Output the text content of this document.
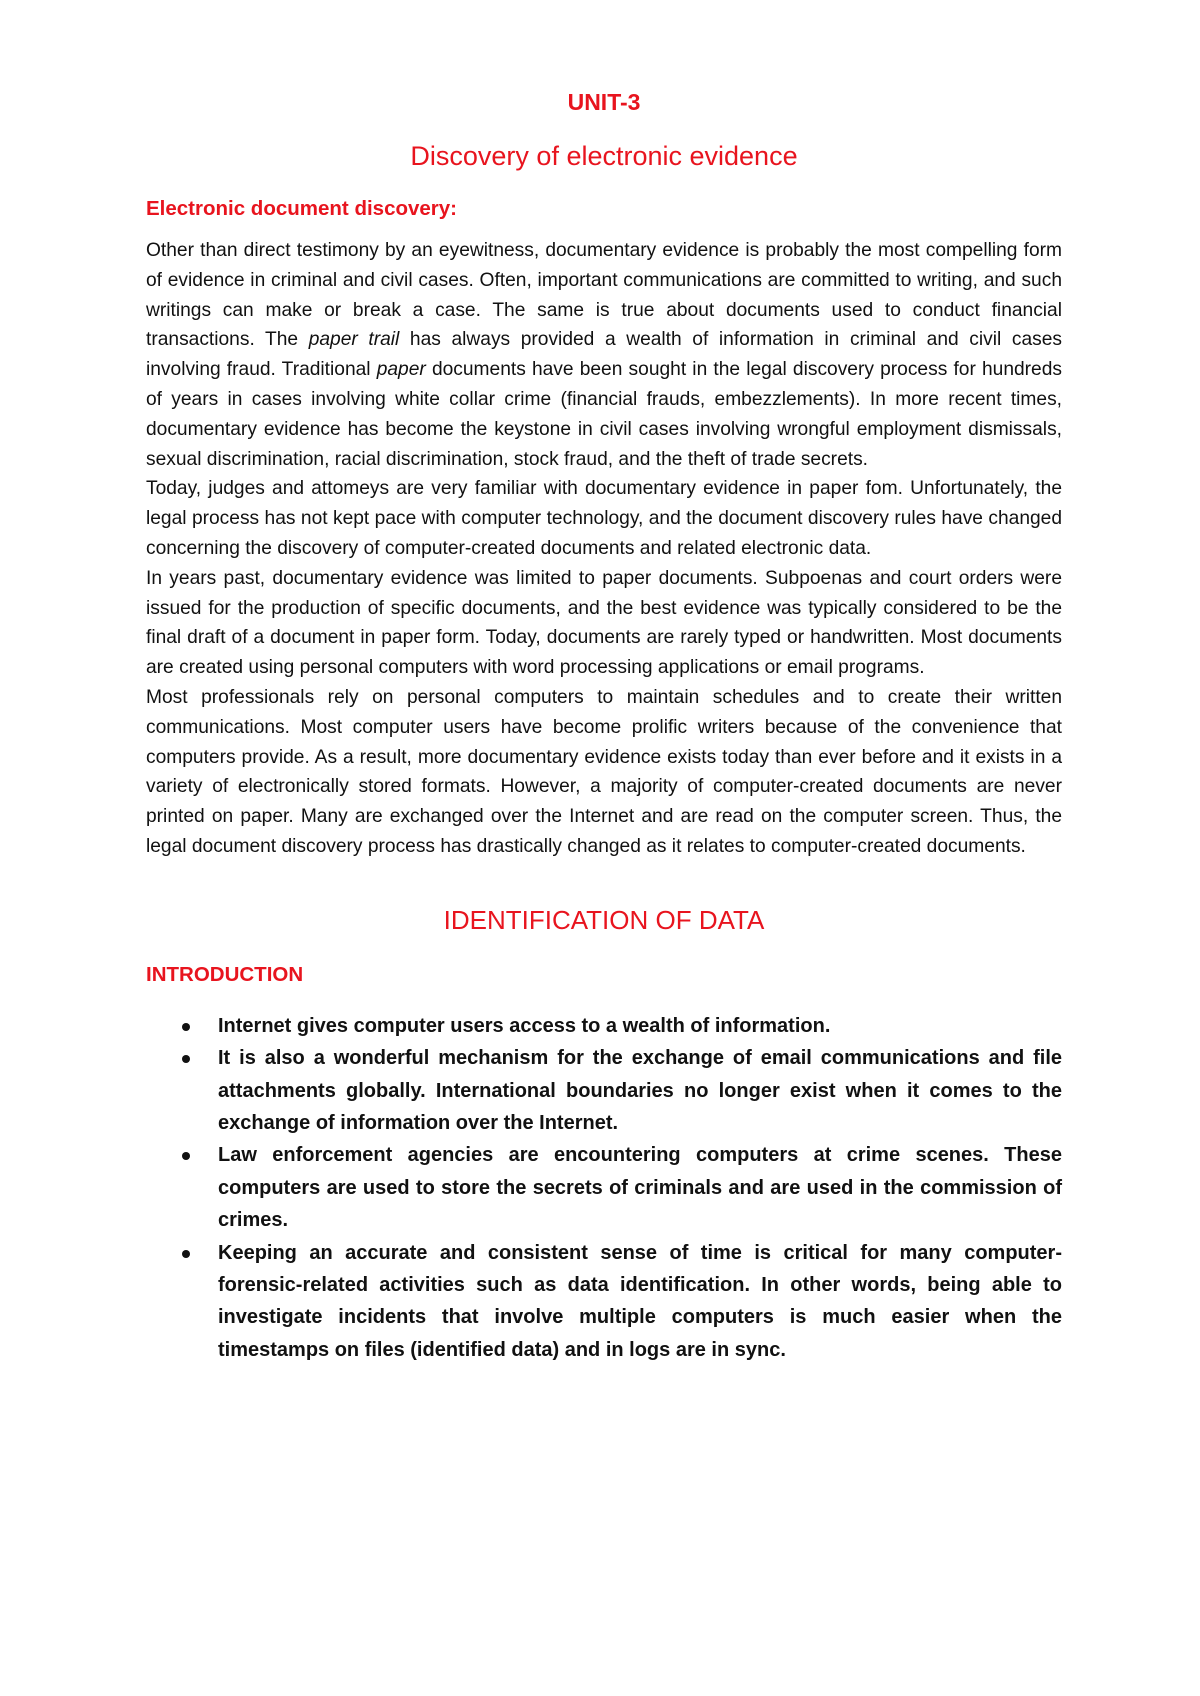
UNIT-3
Discovery of electronic evidence
Electronic document discovery:

Other than direct testimony by an eyewitness, documentary evidence is probably the most compelling form of evidence in criminal and civil cases. Often, important communications are committed to writing, and such writings can make or break a case. The same is true about documents used to conduct financial transactions. The paper trail has always provided a wealth of information in criminal and civil cases involving fraud. Traditional paper documents have been sought in the legal discovery process for hundreds of years in cases involving white collar crime (financial frauds, embezzlements). In more recent times, documentary evidence has become the keystone in civil cases involving wrongful employment dismissals, sexual discrimination, racial discrimination, stock fraud, and the theft of trade secrets.

Today, judges and attomeys are very familiar with documentary evidence in paper fom. Unfortunately, the legal process has not kept pace with computer technology, and the document discovery rules have changed concerning the discovery of computer-created documents and related electronic data.

In years past, documentary evidence was limited to paper documents. Subpoenas and court orders were issued for the production of specific documents, and the best evidence was typically considered to be the final draft of a document in paper form. Today, documents are rarely typed or handwritten. Most documents are created using personal computers with word processing applications or email programs.

Most professionals rely on personal computers to maintain schedules and to create their written communications. Most computer users have become prolific writers because of the convenience that computers provide. As a result, more documentary evidence exists today than ever before and it exists in a variety of electronically stored formats. However, a majority of computer-created documents are never printed on paper. Many are exchanged over the Internet and are read on the computer screen. Thus, the legal document discovery process has drastically changed as it relates to computer-created documents.

IDENTIFICATION OF DATA
INTRODUCTION
Internet gives computer users access to a wealth of information.
It is also a wonderful mechanism for the exchange of email communications and file attachments globally. International boundaries no longer exist when it comes to the exchange of information over the Internet.
Law enforcement agencies are encountering computers at crime scenes. These computers are used to store the secrets of criminals and are used in the commission of crimes.
Keeping an accurate and consistent sense of time is critical for many computer-forensic-related activities such as data identification. In other words, being able to investigate incidents that involve multiple computers is much easier when the timestamps on files (identified data) and in logs are in sync.
